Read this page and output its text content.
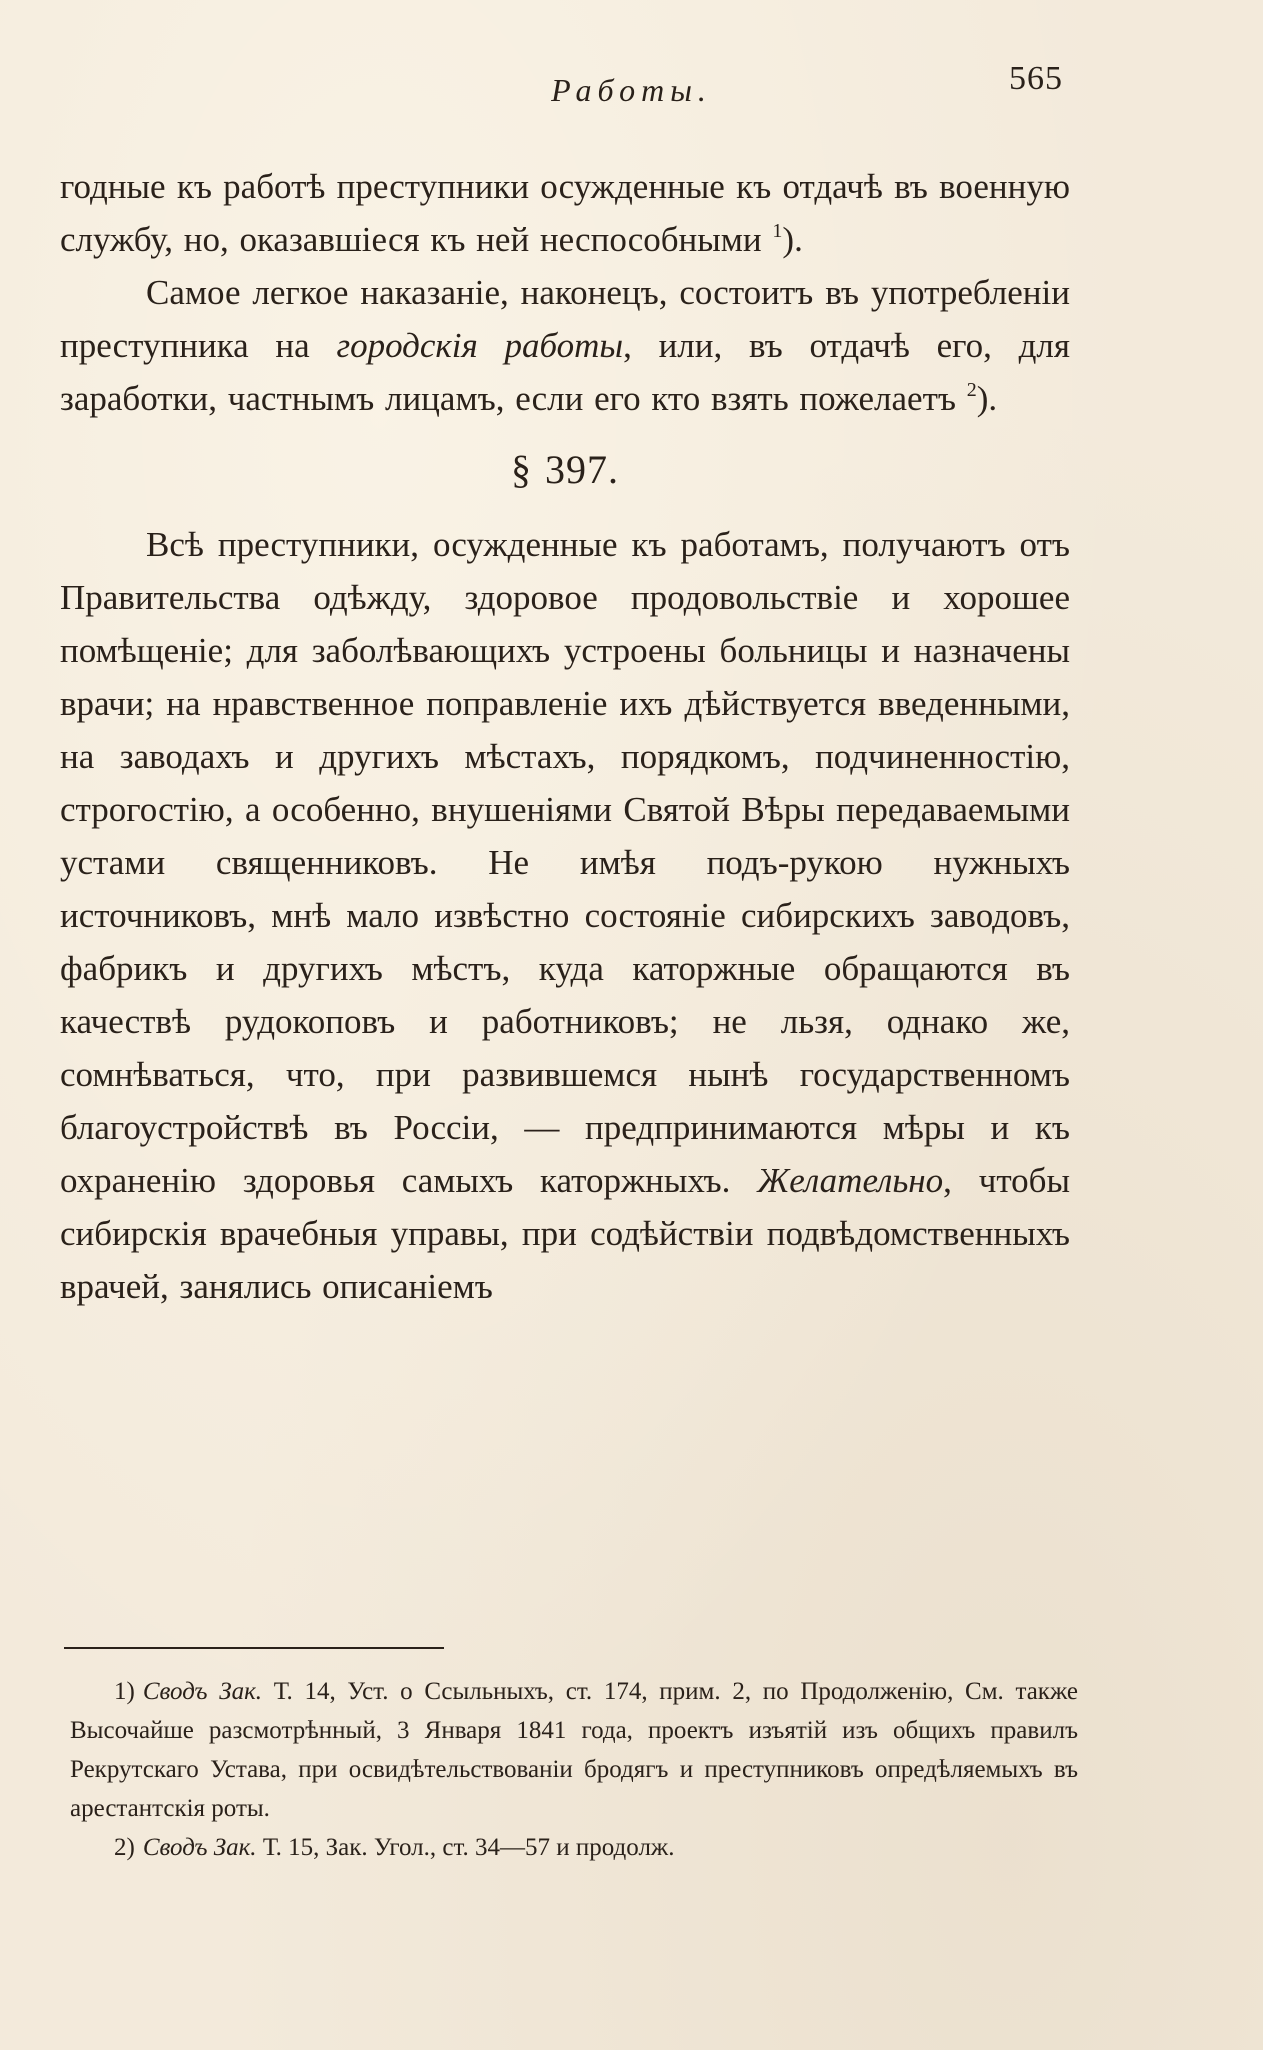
Работы.	565

годные къ работѣ преступники осужденные къ отдачѣ въ военную службу, но, оказавшіеся къ ней неспособными $^1$).

Самое легкое наказаніе, наконецъ, состоитъ въ употребленіи преступника на городскія работы, или, въ отдачѣ его, для заработки, частнымъ лицамъ, если его кто взять пожелаетъ $^2$).

§ 397.

Всѣ преступники, осужденные къ работамъ, получаютъ отъ Правительства одѣжду, здоровое продовольствіе и хорошее помѣщеніе; для заболѣвающихъ устроены больницы и назначены врачи; на нравственное поправленіе ихъ дѣйствуется введенными, на заводахъ и другихъ мѣстахъ, порядкомъ, подчиненностію, строгостію, а особенно, внушеніями Святой Вѣры передаваемыми устами священниковъ. Не имѣя подъ-рукою нужныхъ источниковъ, мнѣ мало извѣстно состояніе сибирскихъ заводовъ, фабрикъ и другихъ мѣстъ, куда каторжные обращаются въ качествѣ рудокоповъ и работниковъ; не льзя, однако же, сомнѣваться, что, при развившемся нынѣ государственномъ благоустройствѣ въ Россіи, — предпринимаются мѣры и къ охраненію здоровья самыхъ каторжныхъ. Желательно, чтобы сибирскія врачебныя управы, при содѣйствіи подвѣдомственныхъ врачей, занялись описаніемъ

1) Сводъ Зак. Т. 14, Уст. о Ссыльныхъ, ст. 174, прим. 2, по Продолженію, См. также Высочайше разсмотрѣнный, 3 Января 1841 года, проектъ изъятій изъ общихъ правилъ Рекрутскаго Устава, при освидѣтельствованіи бродягъ и преступниковъ опредѣляемыхъ въ арестантскія роты.

2) Сводъ Зак. Т. 15, Зак. Угол., ст. 34—57 и продолж.
